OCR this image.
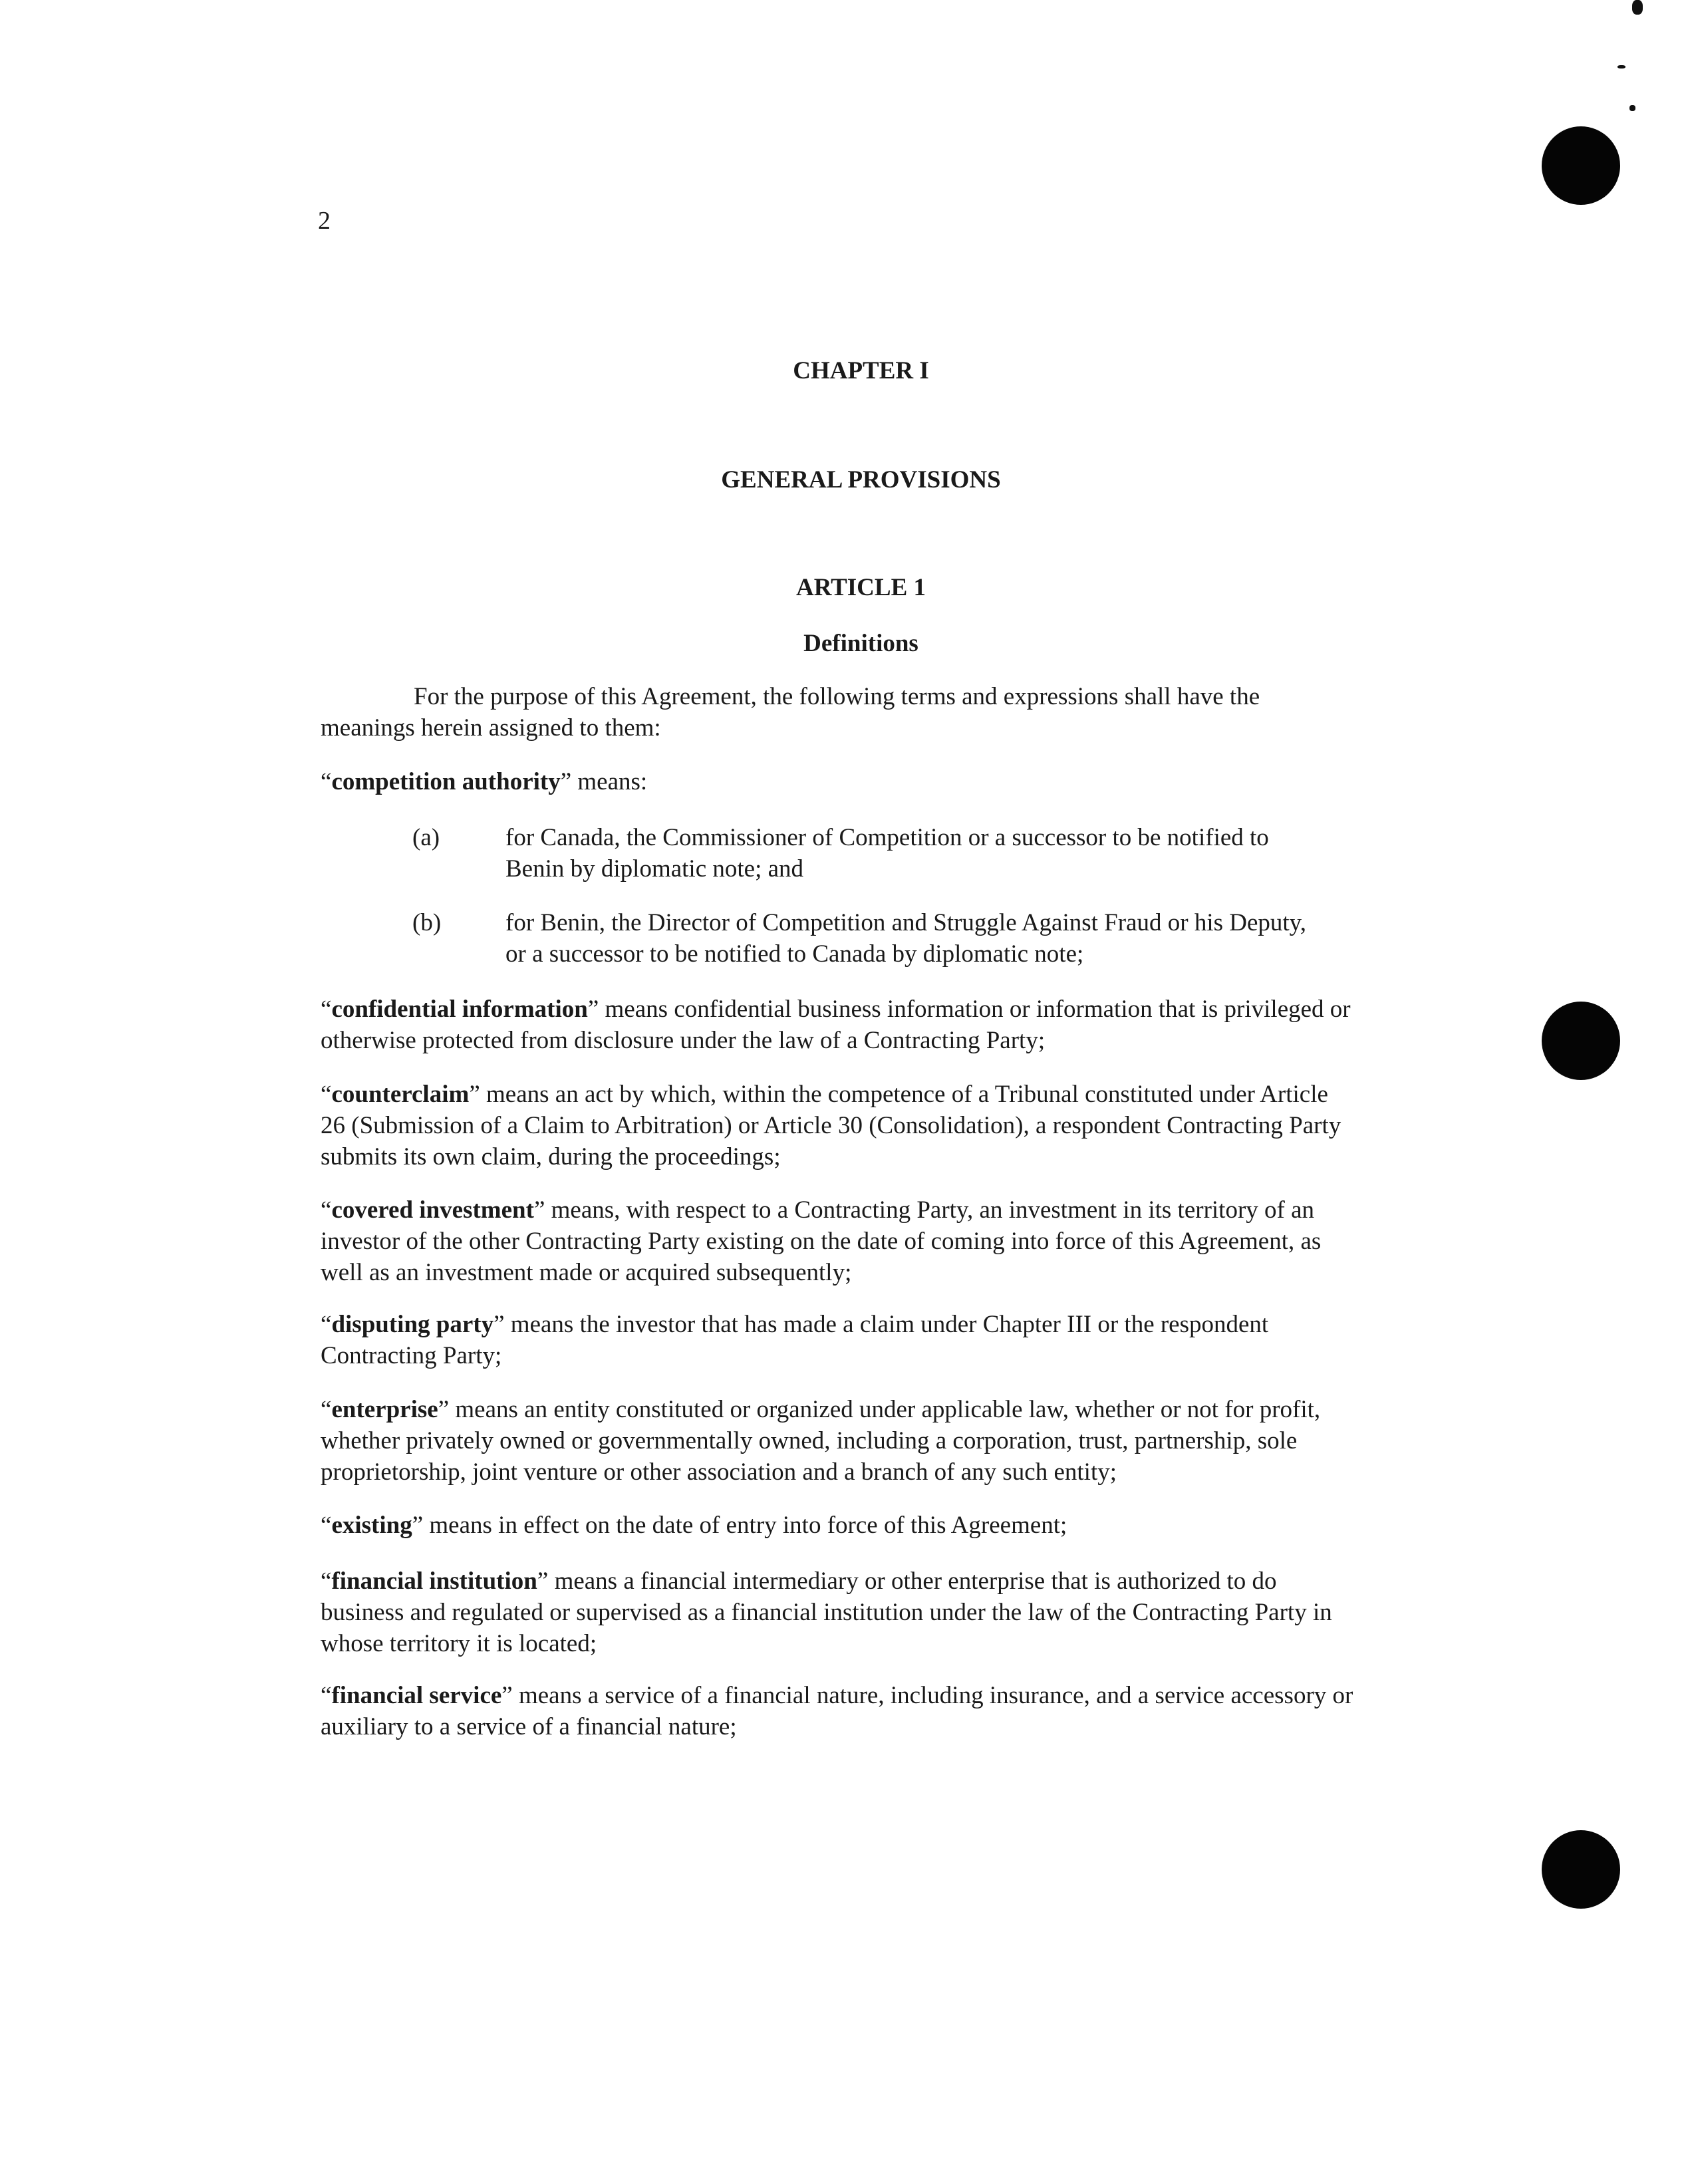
2
CHAPTER I
GENERAL PROVISIONS
ARTICLE 1
Definitions
For the purpose of this Agreement, the following terms and expressions shall have the meanings herein assigned to them:
“competition authority” means:
(a)	for Canada, the Commissioner of Competition or a successor to be notified to Benin by diplomatic note; and
(b)	for Benin, the Director of Competition and Struggle Against Fraud or his Deputy, or a successor to be notified to Canada by diplomatic note;
“confidential information” means confidential business information or information that is privileged or otherwise protected from disclosure under the law of a Contracting Party;
“counterclaim” means an act by which, within the competence of a Tribunal constituted under Article 26 (Submission of a Claim to Arbitration) or Article 30 (Consolidation), a respondent Contracting Party submits its own claim, during the proceedings;
“covered investment” means, with respect to a Contracting Party, an investment in its territory of an investor of the other Contracting Party existing on the date of coming into force of this Agreement, as well as an investment made or acquired subsequently;
“disputing party” means the investor that has made a claim under Chapter III or the respondent Contracting Party;
“enterprise” means an entity constituted or organized under applicable law, whether or not for profit, whether privately owned or governmentally owned, including a corporation, trust, partnership, sole proprietorship, joint venture or other association and a branch of any such entity;
“existing” means in effect on the date of entry into force of this Agreement;
“financial institution” means a financial intermediary or other enterprise that is authorized to do business and regulated or supervised as a financial institution under the law of the Contracting Party in whose territory it is located;
“financial service” means a service of a financial nature, including insurance, and a service accessory or auxiliary to a service of a financial nature;
